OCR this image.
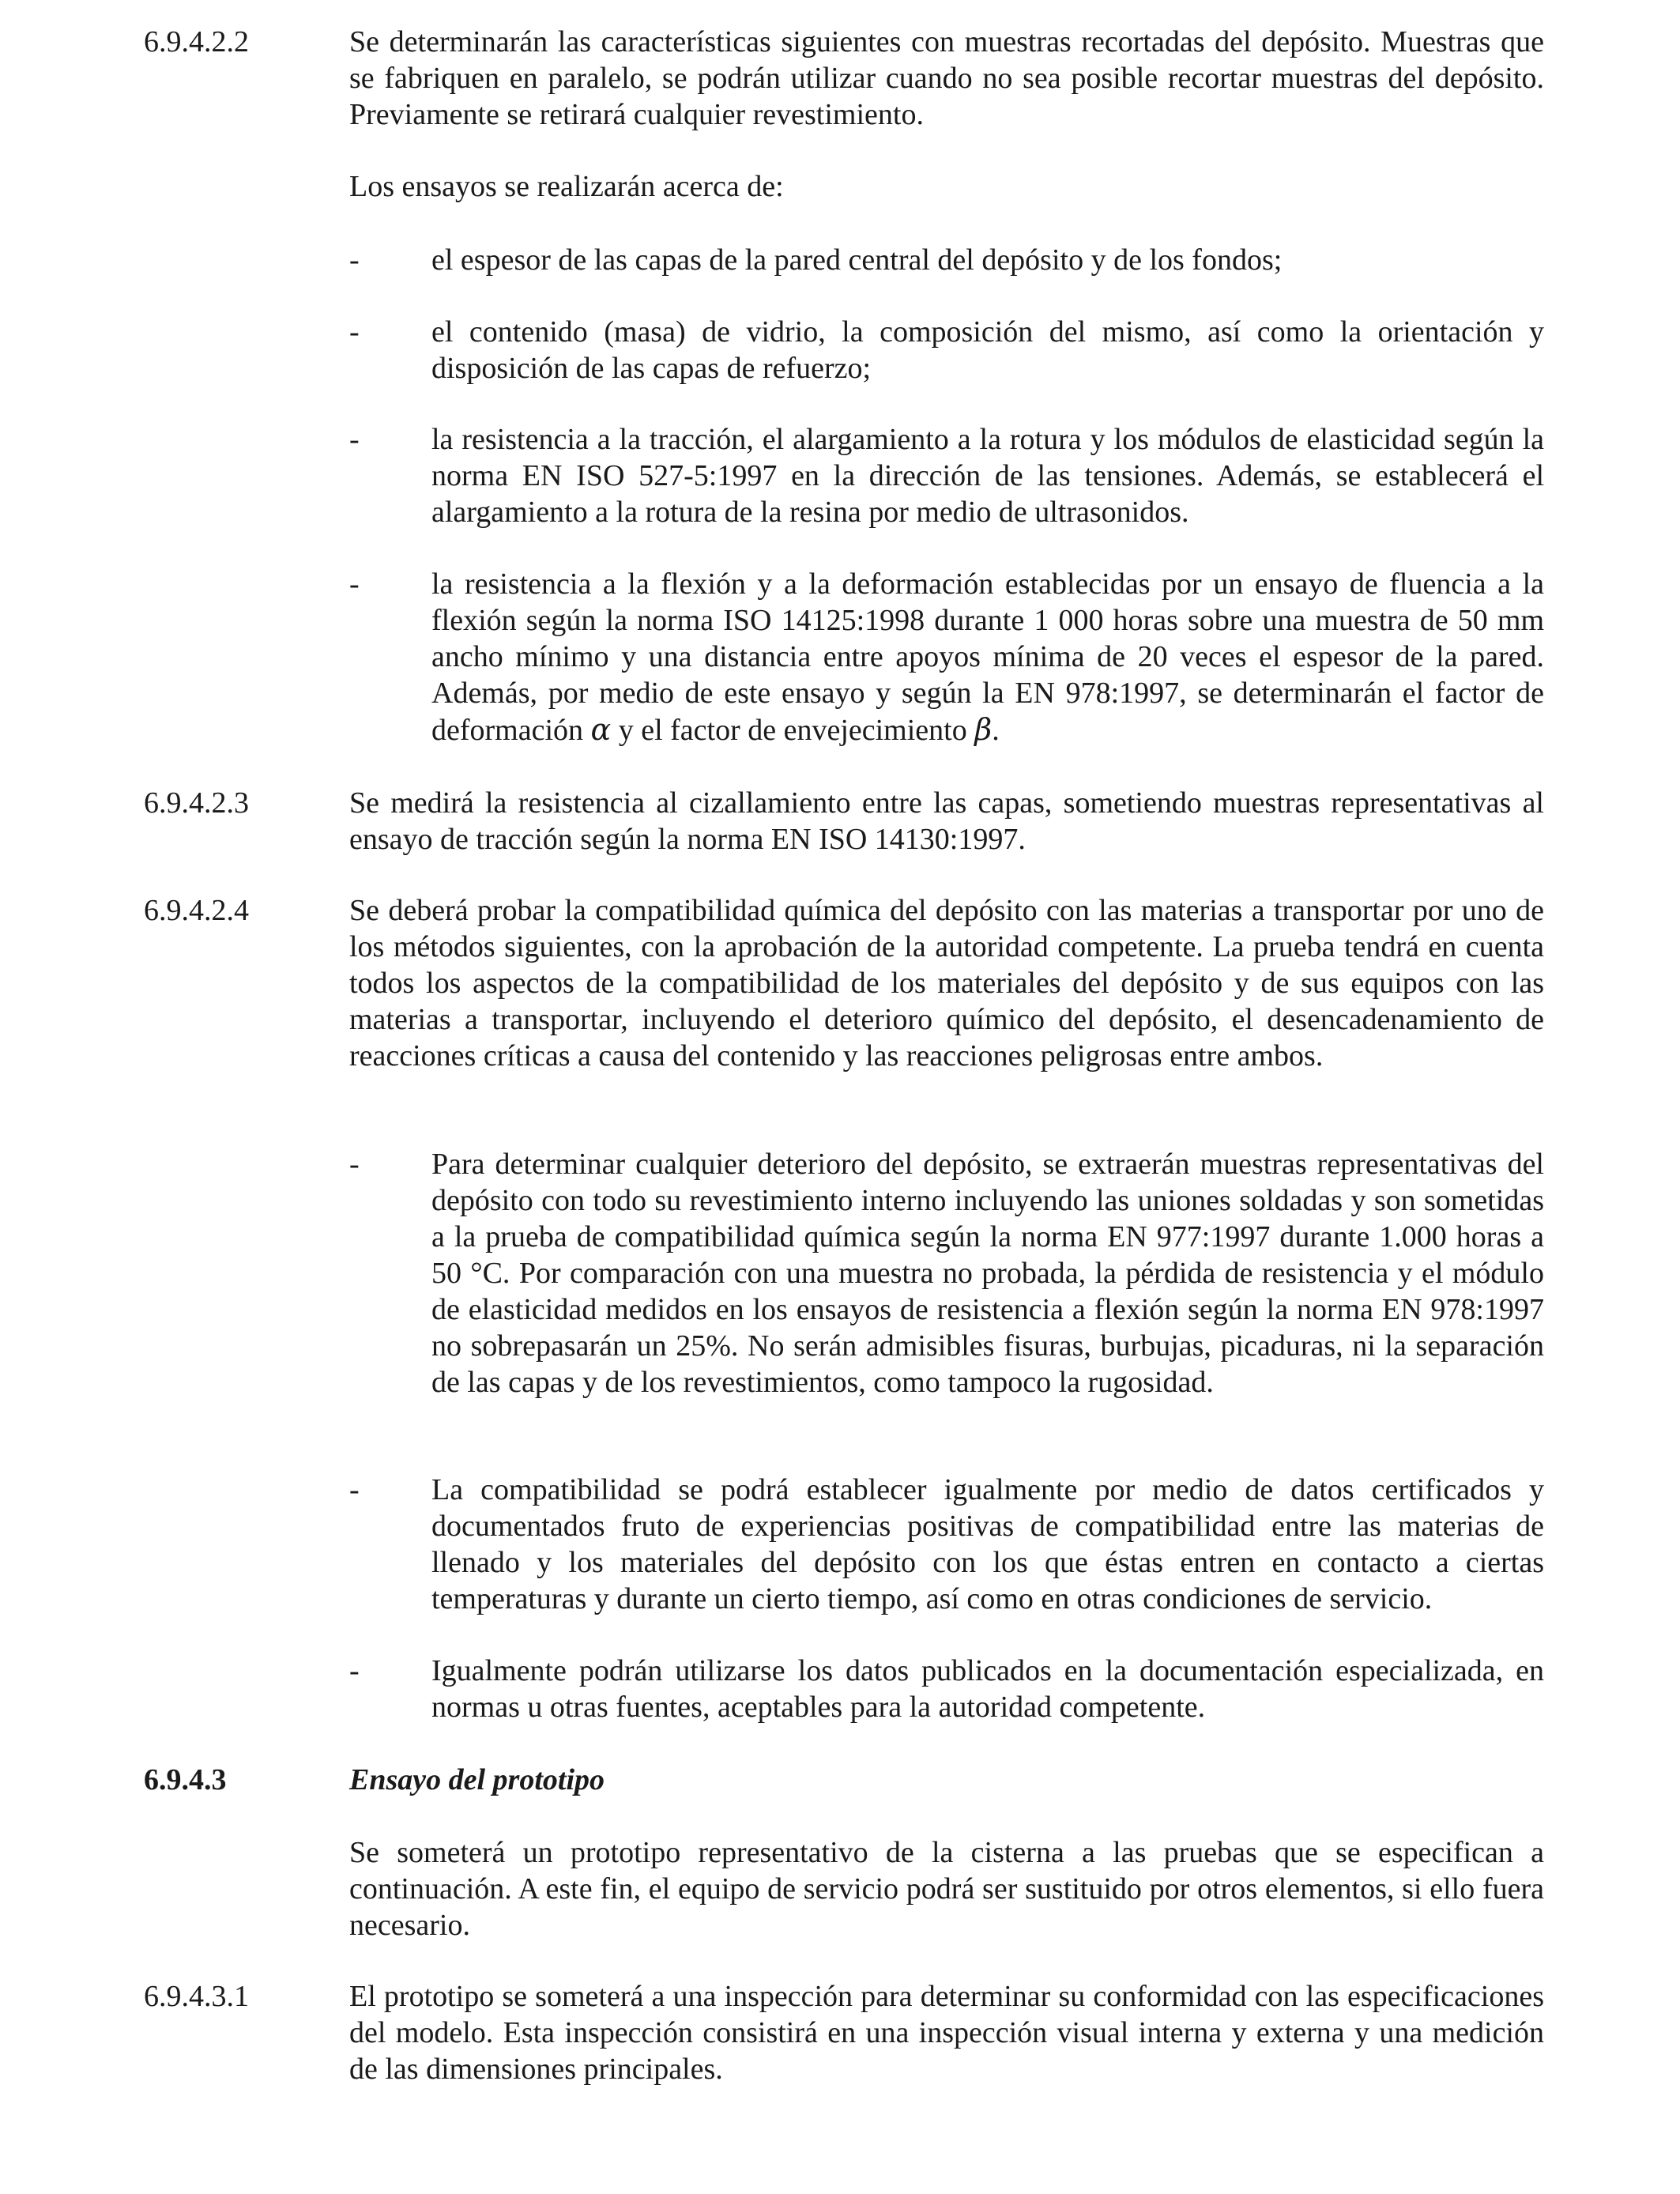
6.9.4.2.2	Se determinarán las características siguientes con muestras recortadas del depósito. Muestras que se fabriquen en paralelo, se podrán utilizar cuando no sea posible recortar muestras del depósito. Previamente se retirará cualquier revestimiento.

Los ensayos se realizarán acerca de:

- el espesor de las capas de la pared central del depósito y de los fondos;

- el contenido (masa) de vidrio, la composición del mismo, así como la orientación y disposición de las capas de refuerzo;

- la resistencia a la tracción, el alargamiento a la rotura y los módulos de elasticidad según la norma EN ISO 527-5:1997 en la dirección de las tensiones. Además, se establecerá el alargamiento a la rotura de la resina por medio de ultrasonidos.

- la resistencia a la flexión y a la deformación establecidas por un ensayo de fluencia a la flexión según la norma ISO 14125:1998 durante 1 000 horas sobre una muestra de 50 mm ancho mínimo y una distancia entre apoyos mínima de 20 veces el espesor de la pared. Además, por medio de este ensayo y según la EN 978:1997, se determinarán el factor de deformación α y el factor de envejecimiento β.

6.9.4.2.3	Se medirá la resistencia al cizallamiento entre las capas, sometiendo muestras representativas al ensayo de tracción según la norma EN ISO 14130:1997.

6.9.4.2.4	Se deberá probar la compatibilidad química del depósito con las materias a transportar por uno de los métodos siguientes, con la aprobación de la autoridad competente. La prueba tendrá en cuenta todos los aspectos de la compatibilidad de los materiales del depósito y de sus equipos con las materias a transportar, incluyendo el deterioro químico del depósito, el desencadenamiento de reacciones críticas a causa del contenido y las reacciones peligrosas entre ambos.

- Para determinar cualquier deterioro del depósito, se extraerán muestras representativas del depósito con todo su revestimiento interno incluyendo las uniones soldadas y son sometidas a la prueba de compatibilidad química según la norma EN 977:1997 durante 1.000 horas a 50 °C. Por comparación con una muestra no probada, la pérdida de resistencia y el módulo de elasticidad medidos en los ensayos de resistencia a flexión según la norma EN 978:1997 no sobrepasarán un 25%. No serán admisibles fisuras, burbujas, picaduras, ni la separación de las capas y de los revestimientos, como tampoco la rugosidad.

- La compatibilidad se podrá establecer igualmente por medio de datos certificados y documentados fruto de experiencias positivas de compatibilidad entre las materias de llenado y los materiales del depósito con los que éstas entren en contacto a ciertas temperaturas y durante un cierto tiempo, así como en otras condiciones de servicio.

- Igualmente podrán utilizarse los datos publicados en la documentación especializada, en normas u otras fuentes, aceptables para la autoridad competente.

6.9.4.3	Ensayo del prototipo

Se someterá un prototipo representativo de la cisterna a las pruebas que se especifican a continuación. A este fin, el equipo de servicio podrá ser sustituido por otros elementos, si ello fuera necesario.

6.9.4.3.1	El prototipo se someterá a una inspección para determinar su conformidad con las especificaciones del modelo. Esta inspección consistirá en una inspección visual interna y externa y una medición de las dimensiones principales.
